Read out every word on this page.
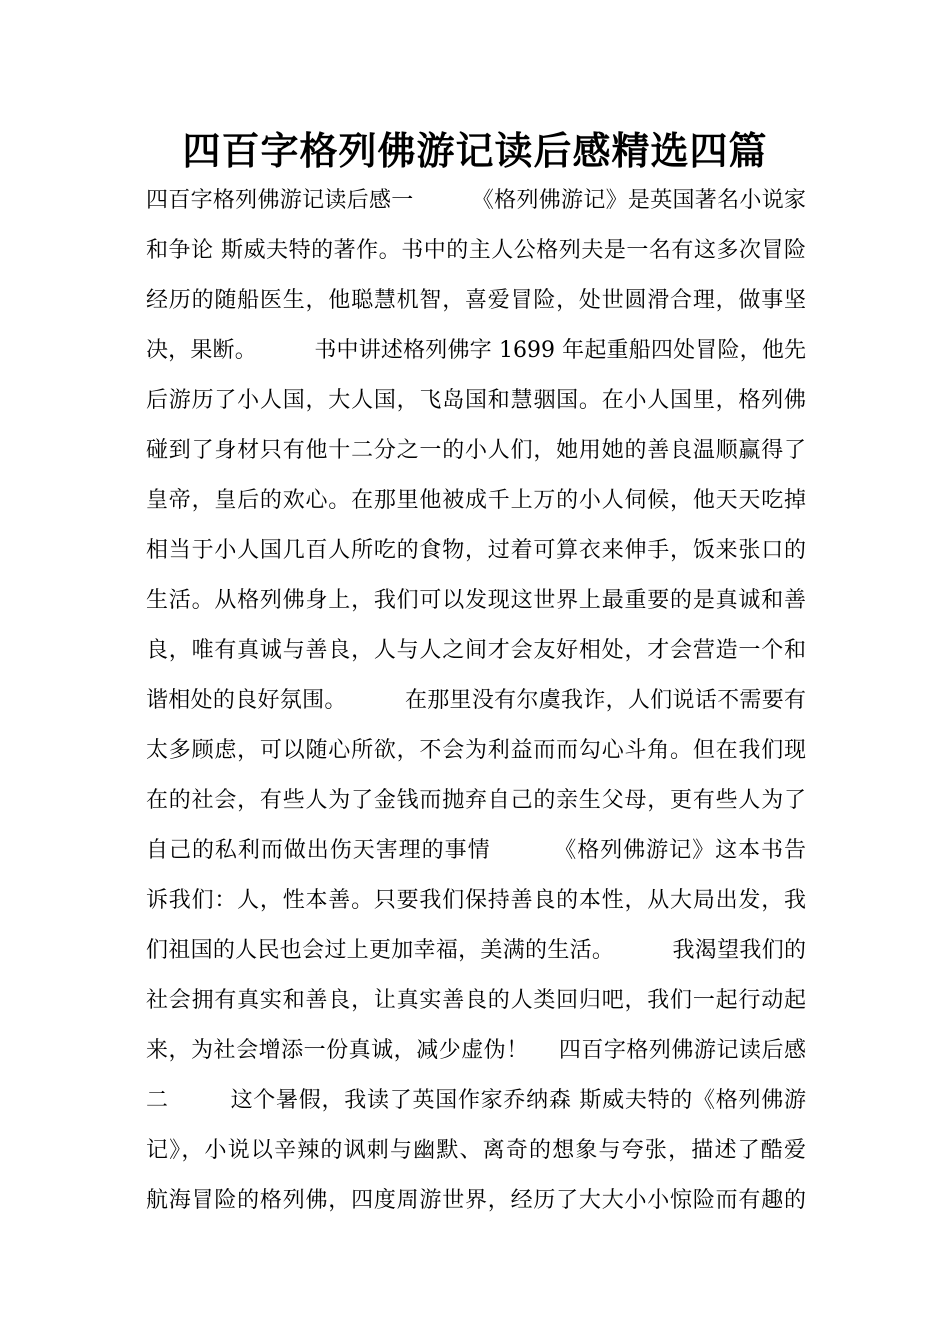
四百字格列佛游记读后感精选四篇
四百字格列佛游记读后感一        《格列佛游记》是英国著名小说家
和争论 斯威夫特的著作。书中的主人公格列夫是一名有这多次冒险
经历的随船医生，他聪慧机智，喜爱冒险，处世圆滑合理，做事坚
决，果断。        书中讲述格列佛字 1699 年起重船四处冒险，他先
后游历了小人国，大人国，飞岛国和慧骃国。在小人国里，格列佛
碰到了身材只有他十二分之一的小人们，她用她的善良温顺赢得了
皇帝，皇后的欢心。在那里他被成千上万的小人伺候，他天天吃掉
相当于小人国几百人所吃的食物，过着可算衣来伸手，饭来张口的
生活。从格列佛身上，我们可以发现这世界上最重要的是真诚和善
良，唯有真诚与善良，人与人之间才会友好相处，才会营造一个和
谐相处的良好氛围。        在那里没有尔虞我诈，人们说话不需要有
太多顾虑，可以随心所欲，不会为利益而而勾心斗角。但在我们现
在的社会，有些人为了金钱而抛弃自己的亲生父母，更有些人为了
自己的私利而做出伤天害理的事情        《格列佛游记》这本书告
诉我们：人，性本善。只要我们保持善良的本性，从大局出发，我
们祖国的人民也会过上更加幸福，美满的生活。        我渴望我们的
社会拥有真实和善良，让真实善良的人类回归吧，我们一起行动起
来，为社会增添一份真诚，减少虚伪！    四百字格列佛游记读后感
二        这个暑假，我读了英国作家乔纳森 斯威夫特的《格列佛游
记》，小说以辛辣的讽刺与幽默、离奇的想象与夸张，描述了酷爱
航海冒险的格列佛，四度周游世界，经历了大大小小惊险而有趣的
